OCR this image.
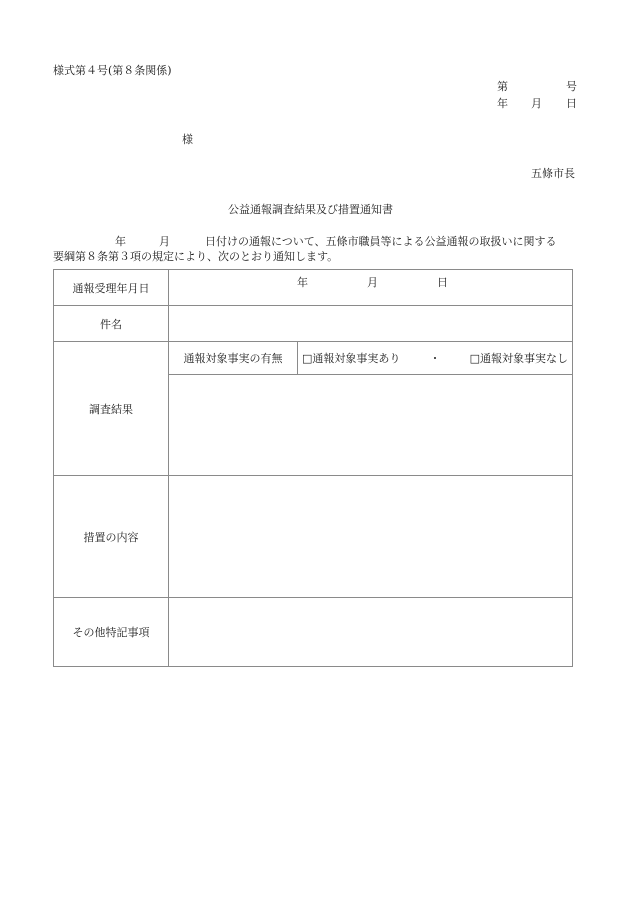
様式第４号(第８条関係)
第	号
年 月 日
様
五條市長
公益通報調査結果及び措置通知書
年	月	日付けの通報について、五條市職員等による公益通報の取扱いに関する
要綱第８条第３項の規定により、次のとおり通知します。
通報受理年月日	年 月 日

件名	
調査結果	通報対象事実の有無 □通報対象事実あり ・ □通報対象事実なし

措置の内容	
その他特記事項	
